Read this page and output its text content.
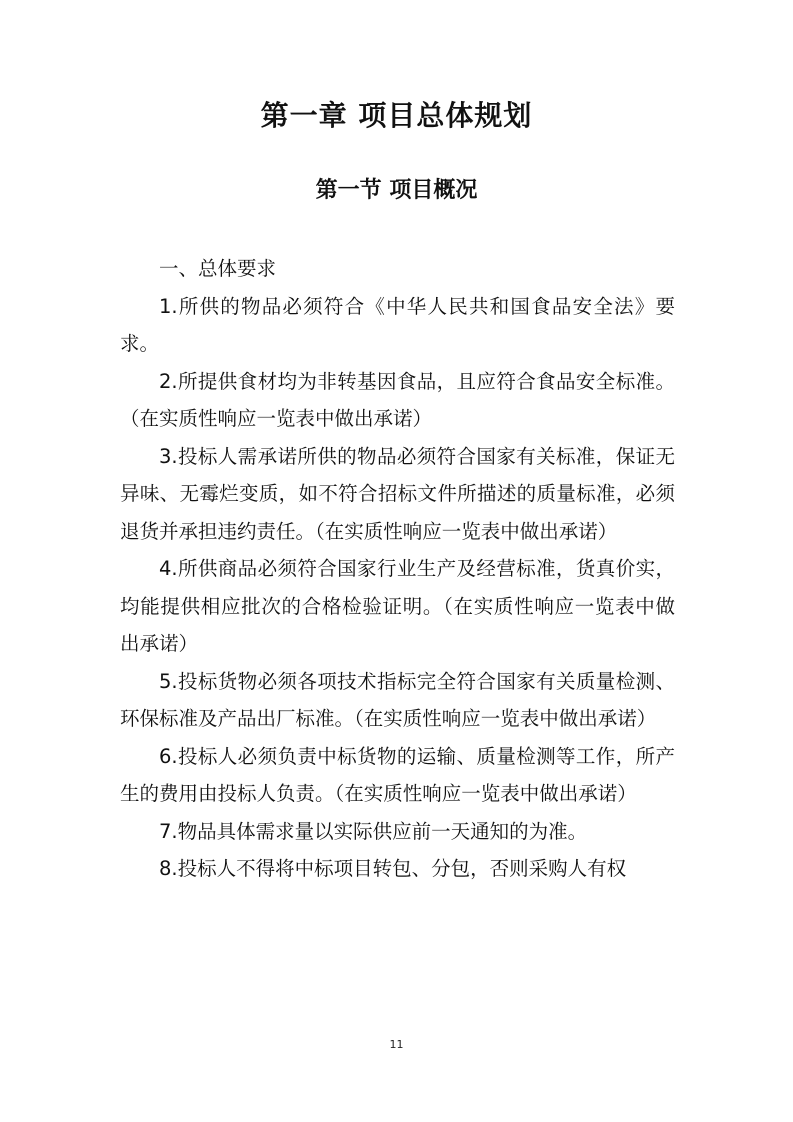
第一章 项目总体规划
第一节 项目概况

一、总体要求

1.所供的物品必须符合《中华人民共和国食品安全法》要求。

2.所提供食材均为非转基因食品，且应符合食品安全标准。（在实质性响应一览表中做出承诺）

3.投标人需承诺所供的物品必须符合国家有关标准，保证无异味、无霉烂变质，如不符合招标文件所描述的质量标准，必须退货并承担违约责任。（在实质性响应一览表中做出承诺）

4.所供商品必须符合国家行业生产及经营标准，货真价实，均能提供相应批次的合格检验证明。（在实质性响应一览表中做出承诺）

5.投标货物必须各项技术指标完全符合国家有关质量检测、环保标准及产品出厂标准。（在实质性响应一览表中做出承诺）

6.投标人必须负责中标货物的运输、质量检测等工作，所产生的费用由投标人负责。（在实质性响应一览表中做出承诺）

7.物品具体需求量以实际供应前一天通知的为准。

8.投标人不得将中标项目转包、分包，否则采购人有权

11
